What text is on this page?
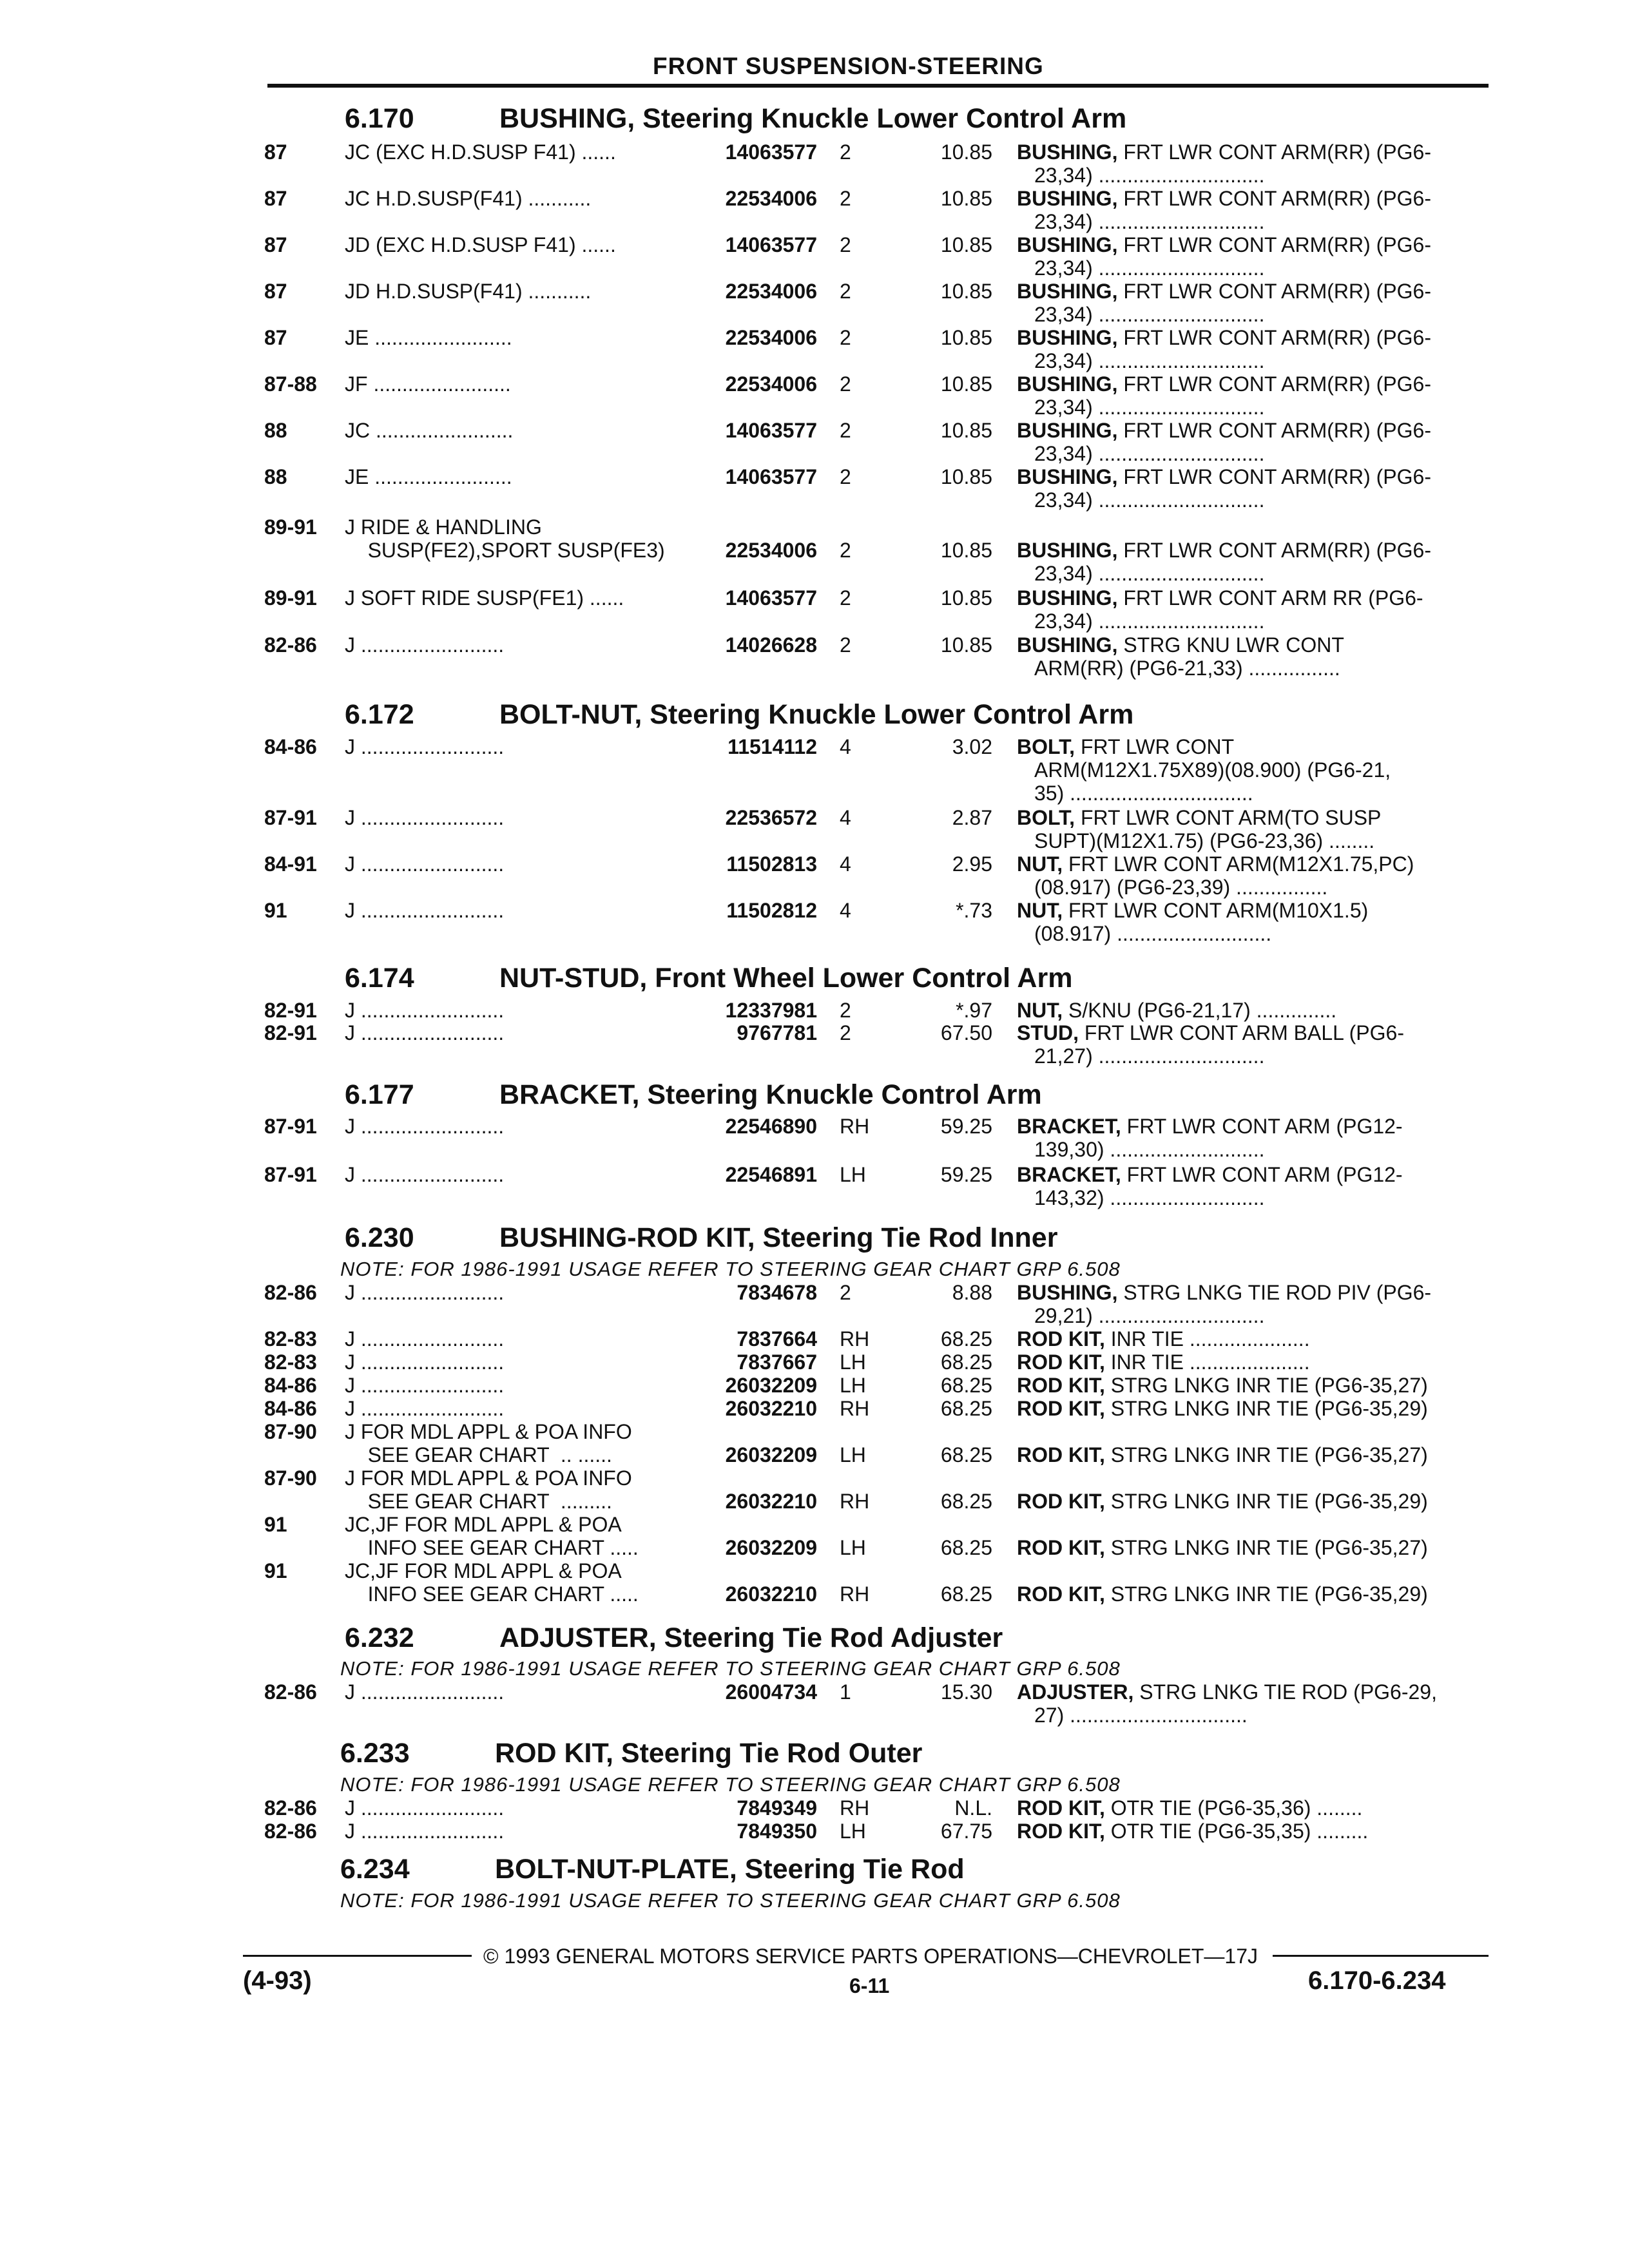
FRONT SUSPENSION-STEERING
6.170	BUSHING, Steering Knuckle Lower Control Arm
6.172	BOLT-NUT, Steering Knuckle Lower Control Arm
6.174	NUT-STUD, Front Wheel Lower Control Arm
6.177	BRACKET, Steering Knuckle Control Arm
6.230	BUSHING-ROD KIT, Steering Tie Rod Inner
NOTE: FOR 1986-1991 USAGE REFER TO STEERING GEAR CHART GRP 6.508
6.232	ADJUSTER, Steering Tie Rod Adjuster
NOTE: FOR 1986-1991 USAGE REFER TO STEERING GEAR CHART GRP 6.508
6.233	ROD KIT, Steering Tie Rod Outer
NOTE: FOR 1986-1991 USAGE REFER TO STEERING GEAR CHART GRP 6.508
6.234	BOLT-NUT-PLATE, Steering Tie Rod
NOTE: FOR 1986-1991 USAGE REFER TO STEERING GEAR CHART GRP 6.508
87	JC (EXC H.D.SUSP F41) ......	14063577 2	10.85 BUSHING, FRT LWR CONT ARM(RR) (PG6-
23,34) .............................
87	JC H.D.SUSP(F41) ...........	22534006 2	10.85 BUSHING, FRT LWR CONT ARM(RR) (PG6-
23,34) .............................
87	JD (EXC H.D.SUSP F41) ......	14063577 2	10.85 BUSHING, FRT LWR CONT ARM(RR) (PG6-
23,34) .............................
87	JD H.D.SUSP(F41) ...........	22534006 2	10.85 BUSHING, FRT LWR CONT ARM(RR) (PG6-
23,34) .............................
87	JE ........................	22534006 2	10.85 BUSHING, FRT LWR CONT ARM(RR) (PG6-
23,34) .............................
87-88 JF ........................	22534006 2	10.85 BUSHING, FRT LWR CONT ARM(RR) (PG6-
23,34) .............................
88	JC ........................	14063577 2	10.85 BUSHING, FRT LWR CONT ARM(RR) (PG6-
23,34) .............................
88	JE ........................	14063577 2	10.85 BUSHING, FRT LWR CONT ARM(RR) (PG6-
23,34) .............................
89-91 J RIDE & HANDLING
SUSP(FE2),SPORT SUSP(FE3)	22534006 2	10.85 BUSHING, FRT LWR CONT ARM(RR) (PG6-
23,34) .............................
89-91 J SOFT RIDE SUSP(FE1) ......	14063577 2	10.85 BUSHING, FRT LWR CONT ARM RR (PG6-
23,34) .............................
82-86 J .........................	14026628 2	10.85 BUSHING, STRG KNU LWR CONT
ARM(RR) (PG6-21,33) ................
84-86 J .........................	11514112 4	3.02 BOLT, FRT LWR CONT
ARM(M12X1.75X89)(08.900) (PG6-21,
35) ................................
87-91 J .........................	22536572 4	2.87 BOLT, FRT LWR CONT ARM(TO SUSP
SUPT)(M12X1.75) (PG6-23,36) ........
84-91 J .........................	11502813 4	2.95 NUT, FRT LWR CONT ARM(M12X1.75,PC)
(08.917) (PG6-23,39) ................
91	J .........................	11502812 4	*.73 NUT, FRT LWR CONT ARM(M10X1.5)
(08.917) ...........................
82-91 J .........................	12337981 2	*.97 NUT, S/KNU (PG6-21,17) ..............
82-91 J .........................	9767781 2	67.50 STUD, FRT LWR CONT ARM BALL (PG6-
21,27) .............................
87-91 J .........................	22546890 RH	59.25 BRACKET, FRT LWR CONT ARM (PG12-
139,30) ...........................
87-91 J .........................	22546891 LH	59.25 BRACKET, FRT LWR CONT ARM (PG12-
143,32) ...........................
82-86 J .........................	7834678 2	8.88 BUSHING, STRG LNKG TIE ROD PIV (PG6-
29,21) .............................
82-83 J .........................	7837664 RH	68.25 ROD KIT, INR TIE .....................
82-83 J .........................	7837667 LH	68.25 ROD KIT, INR TIE .....................
84-86 J .........................	26032209 LH	68.25 ROD KIT, STRG LNKG INR TIE (PG6-35,27)
84-86 J .........................	26032210 RH	68.25 ROD KIT, STRG LNKG INR TIE (PG6-35,29)
87-90 J FOR MDL APPL & POA INFO
SEE GEAR CHART  .. ......	26032209 LH	68.25 ROD KIT, STRG LNKG INR TIE (PG6-35,27)
87-90 J FOR MDL APPL & POA INFO
SEE GEAR CHART  .........	26032210 RH	68.25 ROD KIT, STRG LNKG INR TIE (PG6-35,29)
91	JC,JF FOR MDL APPL & POA
INFO SEE GEAR CHART .....	26032209 LH	68.25 ROD KIT, STRG LNKG INR TIE (PG6-35,27)
91	JC,JF FOR MDL APPL & POA
INFO SEE GEAR CHART .....	26032210 RH	68.25 ROD KIT, STRG LNKG INR TIE (PG6-35,29)
82-86 J .........................	26004734 1	15.30 ADJUSTER, STRG LNKG TIE ROD (PG6-29,
27) ...............................
82-86 J .........................	7849349 RH	N.L. ROD KIT, OTR TIE (PG6-35,36) ........
82-86 J .........................	7849350 LH	67.75 ROD KIT, OTR TIE (PG6-35,35) .........
© 1993 GENERAL MOTORS SERVICE PARTS OPERATIONS—CHEVROLET—17J
(4-93)	6-11	6.170-6.234
